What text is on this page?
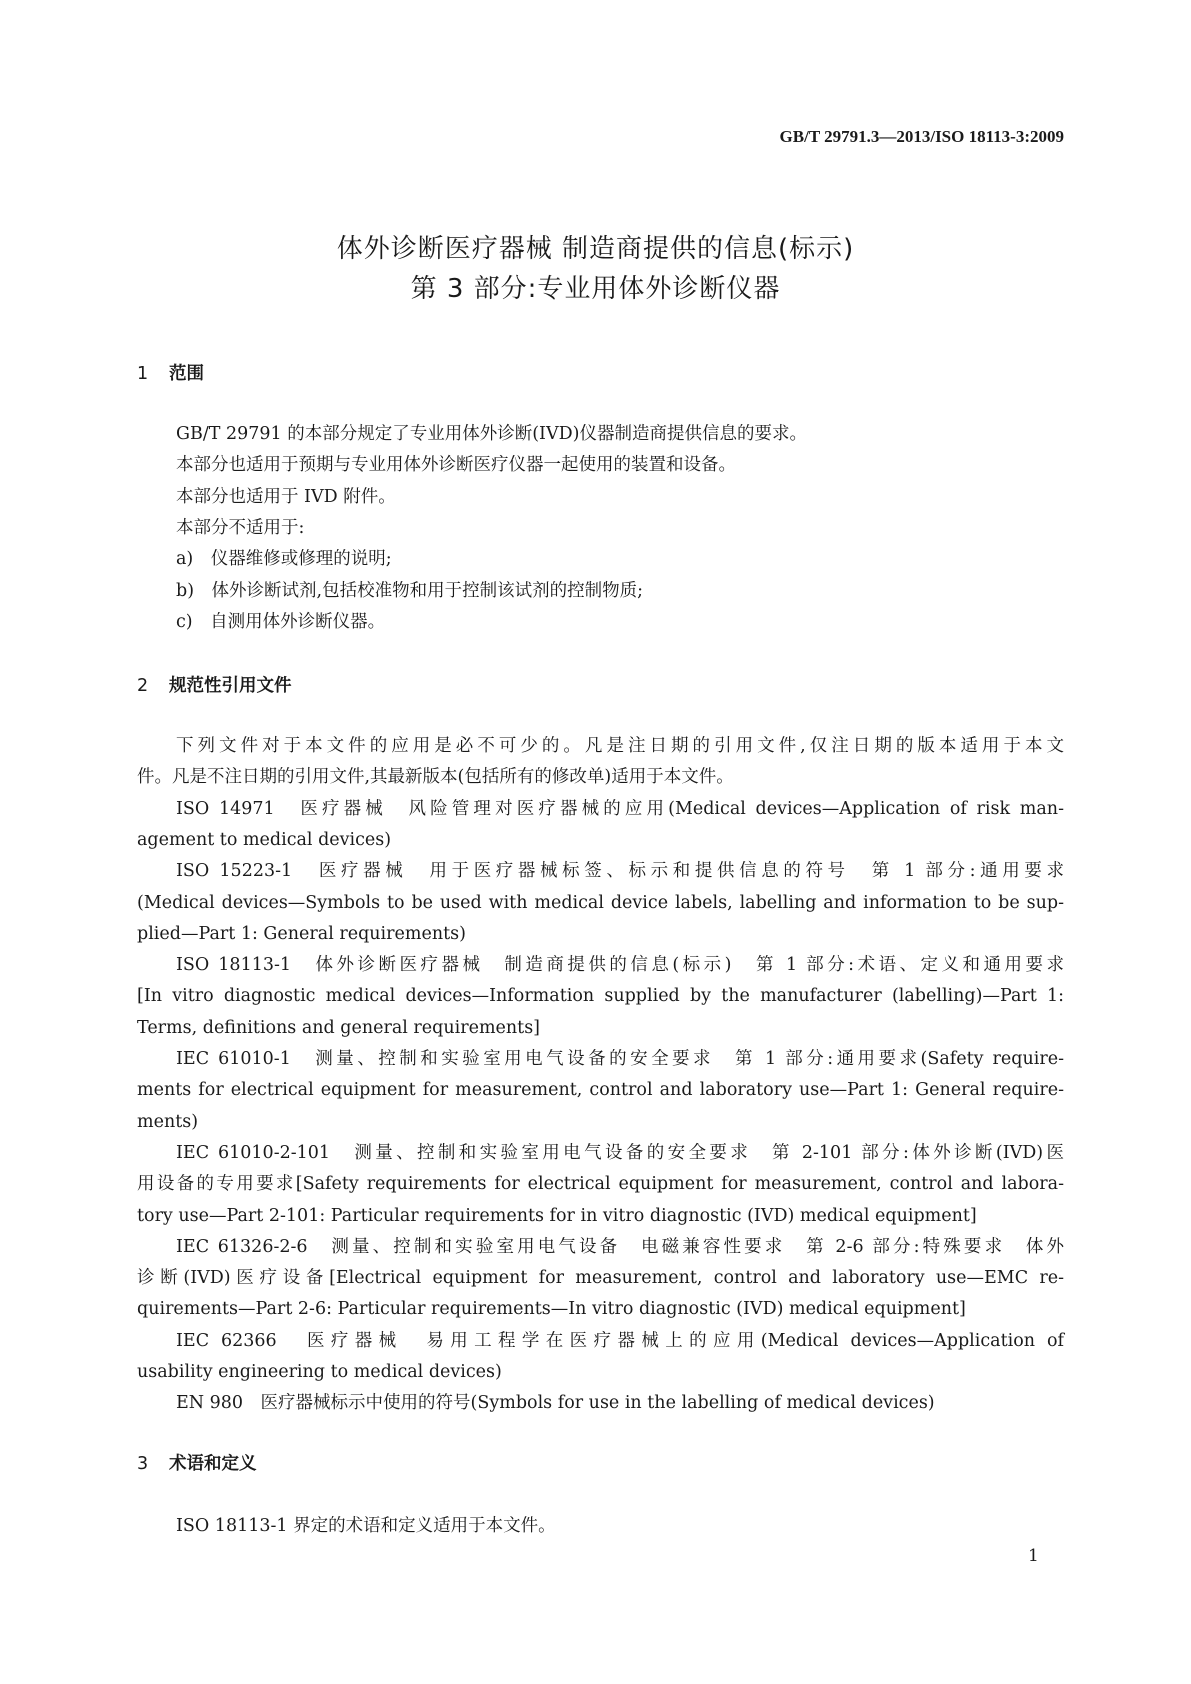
GB/T 29791.3—2013/ISO 18113-3:2009
体外诊断医疗器械 制造商提供的信息(标示)
第 3 部分:专业用体外诊断仪器
1 范围
2 规范性引用文件
3 术语和定义
GB/T 29791 的本部分规定了专业用体外诊断(IVD)仪器制造商提供信息的要求。
本部分也适用于预期与专业用体外诊断医疗仪器一起使用的装置和设备。
本部分也适用于 IVD 附件。
本部分不适用于:
a)　仪器维修或修理的说明;
b)　体外诊断试剂,包括校准物和用于控制该试剂的控制物质;
c)　自测用体外诊断仪器。
下列文件对于本文件的应用是必不可少的。凡是注日期的引用文件,仅注日期的版本适用于本文
件。凡是不注日期的引用文件,其最新版本(包括所有的修改单)适用于本文件。
ISO 14971　医疗器械　风险管理对医疗器械的应用(Medical devices—Application of risk man-
agement to medical devices)
ISO 15223-1　医疗器械　用于医疗器械标签、标示和提供信息的符号　第 1 部分:通用要求
(Medical devices—Symbols to be used with medical device labels, labelling and information to be sup-
plied—Part 1: General requirements)
ISO 18113-1　体外诊断医疗器械　制造商提供的信息(标示)　第 1 部分:术语、定义和通用要求
[In vitro diagnostic medical devices—Information supplied by the manufacturer (labelling)—Part 1:
Terms, definitions and general requirements]
IEC 61010-1　测量、控制和实验室用电气设备的安全要求　第 1 部分:通用要求(Safety require-
ments for electrical equipment for measurement, control and laboratory use—Part 1: General require-
ments)
IEC 61010-2-101　测量、控制和实验室用电气设备的安全要求　第 2-101 部分:体外诊断(IVD)医
用设备的专用要求[Safety requirements for electrical equipment for measurement, control and labora-
tory use—Part 2-101: Particular requirements for in vitro diagnostic (IVD) medical equipment]
IEC 61326-2-6　测量、控制和实验室用电气设备　电磁兼容性要求　第 2-6 部分:特殊要求　体外
诊断(IVD)医疗设备[Electrical equipment for measurement, control and laboratory use—EMC re-
quirements—Part 2-6: Particular requirements—In vitro diagnostic (IVD) medical equipment]
IEC 62366　医疗器械　易用工程学在医疗器械上的应用(Medical devices—Application of
usability engineering to medical devices)
EN 980　医疗器械标示中使用的符号(Symbols for use in the labelling of medical devices)
ISO 18113-1 界定的术语和定义适用于本文件。
1
